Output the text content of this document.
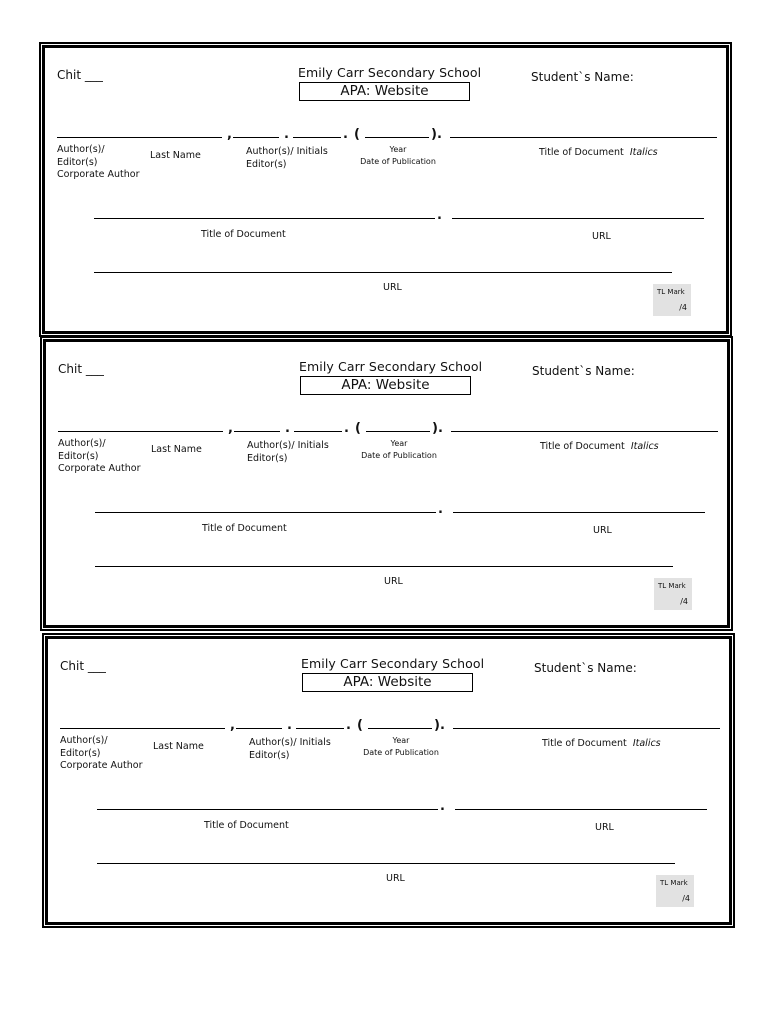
Chit ___	Emily Carr Secondary School
APA: Website
Student`s Name:
,	.	. (	).
Author(s)/
Editor(s)
Corporate Author
Last Name	Author(s)/ Initials
Editor(s)
Year
Date of Publication
Title of Document Italics
.
Title of Document	URL
URL	TL Mark
/4
Chit ___	Emily Carr Secondary School
APA: Website
Student`s Name:
,	.	. (	).
Author(s)/
Editor(s)
Corporate Author
Last Name	Author(s)/ Initials
Editor(s)
Year
Date of Publication
Title of Document Italics
.
Title of Document	URL
URL	TL Mark
/4
Chit ___	Emily Carr Secondary School
APA: Website
Student`s Name:
,	.	. (	).
Author(s)/
Editor(s)
Corporate Author
Last Name	Author(s)/ Initials
Editor(s)
Year
Date of Publication
Title of Document Italics
.
Title of Document	URL
URL	TL Mark
/4
